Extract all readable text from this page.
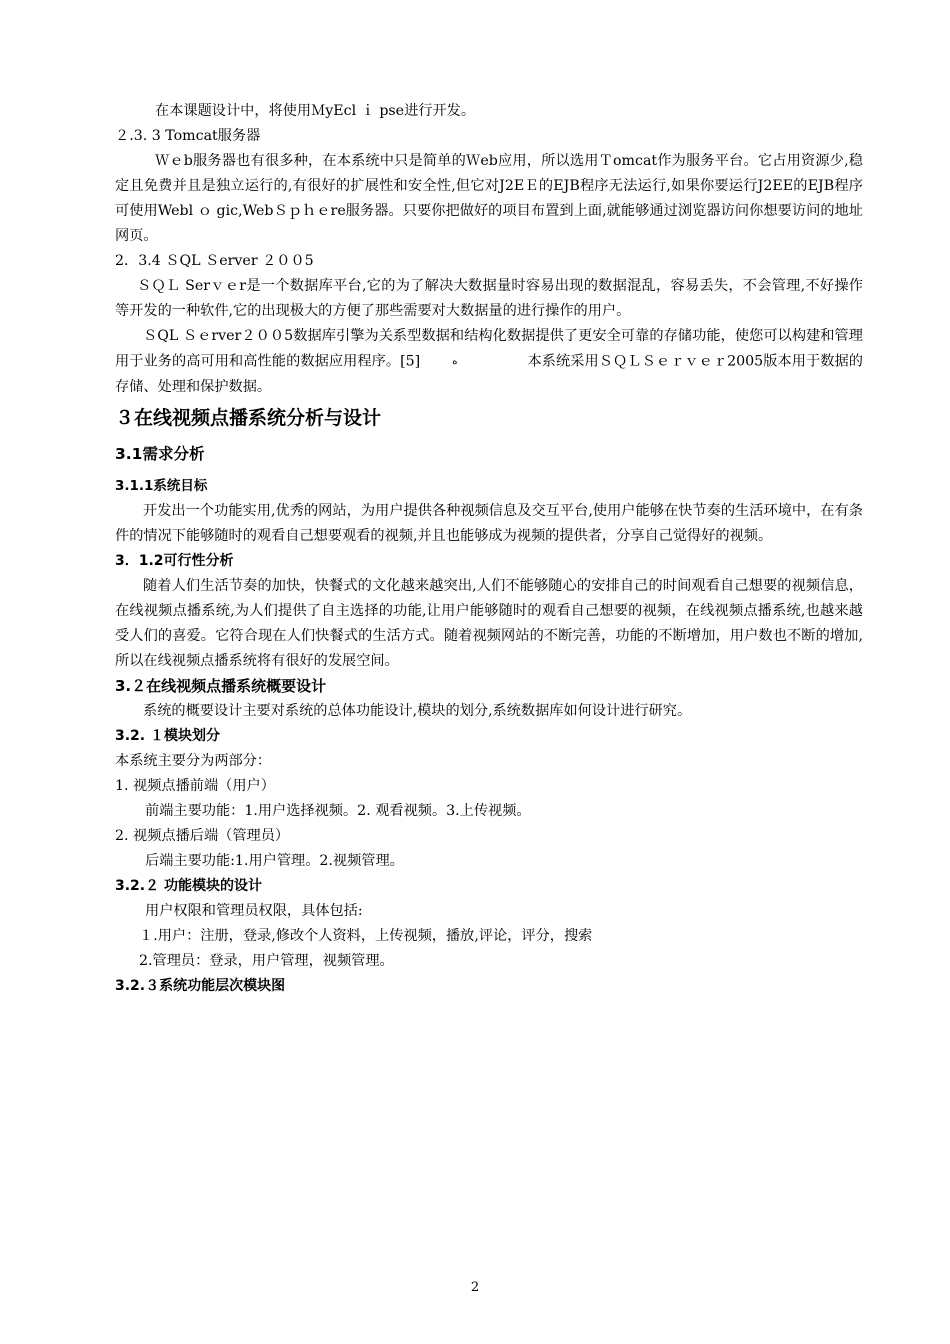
在本课题设计中，将使用ＭyEcl ｉ pse进行开发。

２.3. 3 Tomcat服务器

Ｗｅb服务器也有很多种，在本系统中只是简单的Ｗeb应用，所以选用Ｔomcat作为服务平台。它占用资源少,稳定且免费并且是独立运行的,有很好的扩展性和安全性,但它对J2EＥ的EJB程序无法运行,如果你要运行J2EE的EJB程序可使用Webl ｏ gic,WebＳｐｈｅre服务器。只要你把做好的项目布置到上面,就能够通过浏览器访问你想要访问的地址网页。

2．3.4 ＳQL Ｓerver ２００5

ＳＱＬ Serｖｅr是一个数据库平台,它的为了解决大数据量时容易出现的数据混乱，容易丢失，不会管理,不好操作等开发的一种软件,它的出现极大的方便了那些需要对大数据量的进行操作的用户。

ＳQL Ｓｅrver２００5数据库引擎为关系型数据和结构化数据提供了更安全可靠的存储功能，使您可以构建和管理用于业务的高可用和高性能的数据应用程序。[5]	ه	本系统采用ＳＱＬＳｅｒｖｅｒ2005版本用于数据的存储、处理和保护数据。

３在线视频点播系统分析与设计
3.1需求分析
3.1.1系统目标

开发出一个功能实用,优秀的网站，为用户提供各种视频信息及交互平台,使用户能够在快节奏的生活环境中，在有条件的情况下能够随时的观看自己想要观看的视频,并且也能够成为视频的提供者，分享自己觉得好的视频。

3．1.2可行性分析

随着人们生活节奏的加快，快餐式的文化越来越突出,人们不能够随心的安排自己的时间观看自己想要的视频信息，在线视频点播系统,为人们提供了自主选择的功能,让用户能够随时的观看自己想要的视频，在线视频点播系统,也越来越受人们的喜爱。它符合现在人们快餐式的生活方式。随着视频网站的不断完善，功能的不断增加，用户数也不断的增加,所以在线视频点播系统将有很好的发展空间。

3.２在线视频点播系统概要设计

系统的概要设计主要对系统的总体功能设计,模块的划分,系统数据库如何设计进行研究。

3.2. １模块划分

本系统主要分为两部分：

1. 视频点播前端（用户）

前端主要功能：1.用户选择视频。2. 观看视频。3.上传视频。

2. 视频点播后端（管理员）

后端主要功能:1.用户管理。2.视频管理。

3.2.２ 功能模块的设计

用户权限和管理员权限，具体包括:

１.用户：注册，登录,修改个人资料，上传视频，播放,评论，评分，搜索

2.管理员：登录，用户管理，视频管理。

3.2.３系统功能层次模块图
2
